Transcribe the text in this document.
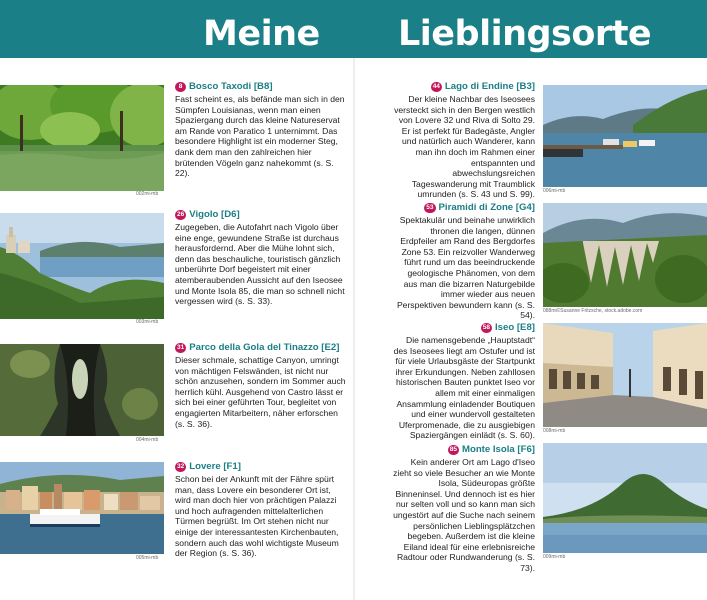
Meine Lieblingsorte
002mi-mb
8 Bosco Taxodi [B8]
Fast scheint es, als befände man sich in den Sümpfen Louisianas, wenn man einen Spaziergang durch das kleine Natureservat am Rande von Paratico 1 unternimmt. Das besondere Highlight ist ein moderner Steg, dank dem man den zahlreichen hier brütenden Vögeln ganz nahekommt (s. S. 22).
003mi-mb
26 Vigolo [D6]
Zugegeben, die Autofahrt nach Vigolo über eine enge, gewundene Straße ist durchaus herausfordernd. Aber die Mühe lohnt sich, denn das beschauliche, touristisch gänzlich unberührte Dorf begeistert mit einer atemberaubenden Aussicht auf den Iseosee und Monte Isola 85, die man so schnell nicht vergessen wird (s. S. 33).
004mi-mb
31 Parco della Gola del Tinazzo [E2]
Dieser schmale, schattige Canyon, umringt von mächtigen Felswänden, ist nicht nur schön anzusehen, sondern im Sommer auch herrlich kühl. Ausgehend von Castro lässt er sich bei einer geführten Tour, begleitet von engagierten Mitarbeitern, näher erforschen (s. S. 36).
005mi-mb
32 Lovere [F1]
Schon bei der Ankunft mit der Fähre spürt man, dass Lovere ein besonderer Ort ist, wird man doch hier von prächtigen Palazzi und hoch aufragenden mittelalterlichen Türmen begrüßt. Im Ort stehen nicht nur einige der interessantesten Kirchenbauten, sondern auch das wohl wichtigste Museum der Region (s. S. 36).
44 Lago di Endine [B3]
Der kleine Nachbar des Iseosees versteckt sich in den Bergen westlich von Lovere 32 und Riva di Solto 29. Er ist perfekt für Badegäste, Angler und natürlich auch Wanderer, kann man ihn doch im Rahmen einer entspannten und abwechslungsreichen Tageswanderung mit Traumblick umrunden (s. S. 43 und S. 99). 006mi-mb
53 Piramidi di Zone [G4]
Spektakulär und beinahe unwirklich thronen die langen, dünnen Erdpfeiler am Rand des Bergdorfes Zone 53. Ein reizvoller Wanderweg führt rund um das beeindruckende geologische Phänomen, von dem aus man die bizarren Naturgebilde immer wieder aus neuen Perspektiven bewundern kann (s. S. 54). 088mi©Susanne Fritzsche, stock.adobe.com
58 Iseo [E8]
Die namensgebende „Hauptstadt“ des Iseosees liegt am Ostufer und ist für viele Urlaubsgäste der Startpunkt ihrer Erkundungen. Neben zahllosen historischen Bauten punktet Iseo vor allem mit einer einmaligen Ansammlung einladender Boutiquen und einer wundervoll gestalteten Uferpromenade, die zu ausgiebigen Spaziergängen einlädt (s. S. 60). 008mi-mb
85 Monte Isola [F6]
Kein anderer Ort am Lago d'Iseo zieht so viele Besucher an wie Monte Isola, Südeuropas größte Binneninsel. Und dennoch ist es hier nur selten voll und so kann man sich ungestört auf die Suche nach seinem persönlichen Lieblingsplätzchen begeben. Außerdem ist die kleine Eiland ideal für eine erlebnisreiche Radtour oder Rundwanderung (s. S. 73).
009mi-mb
